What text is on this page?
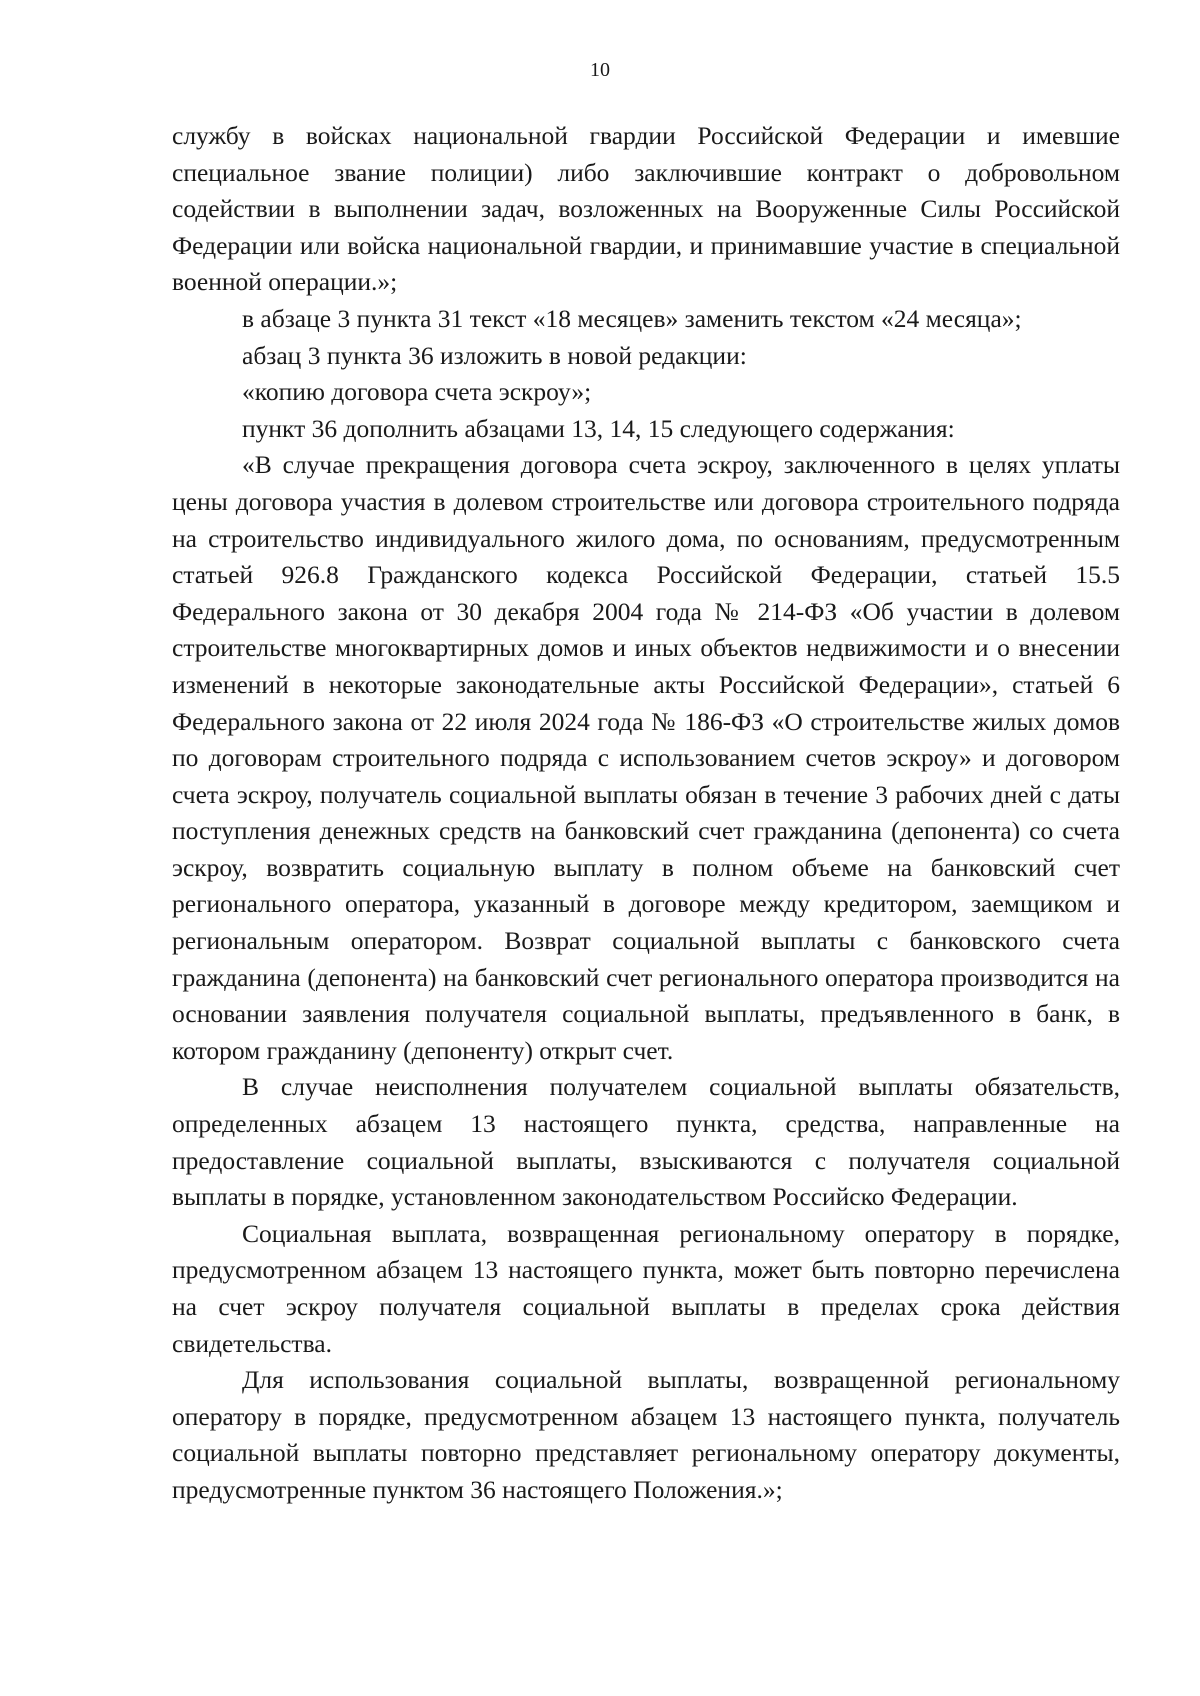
10

службу в войсках национальной гвардии Российской Федерации и имевшие специальное звание полиции) либо заключившие контракт о добровольном содействии в выполнении задач, возложенных на Вооруженные Силы Российской Федерации или войска национальной гвардии, и принимавшие участие в специальной военной операции.»;

в абзаце 3 пункта 31 текст «18 месяцев» заменить текстом «24 месяца»;

абзац 3 пункта 36 изложить в новой редакции:

«копию договора счета эскроу»;

пункт 36 дополнить абзацами 13, 14, 15 следующего содержания:

«В случае прекращения договора счета эскроу, заключенного в целях уплаты цены договора участия в долевом строительстве или договора строительного подряда на строительство индивидуального жилого дома, по основаниям, предусмотренным статьей 926.8 Гражданского кодекса Российской Федерации, статьей 15.5 Федерального закона от 30 декабря 2004 года № 214-ФЗ «Об участии в долевом строительстве многоквартирных домов и иных объектов недвижимости и о внесении изменений в некоторые законодательные акты Российской Федерации», статьей 6 Федерального закона от 22 июля 2024 года № 186-ФЗ «О строительстве жилых домов по договорам строительного подряда с использованием счетов эскроу» и договором счета эскроу, получатель социальной выплаты обязан в течение 3 рабочих дней с даты поступления денежных средств на банковский счет гражданина (депонента) со счета эскроу, возвратить социальную выплату в полном объеме на банковский счет регионального оператора, указанный в договоре между кредитором, заемщиком и региональным оператором. Возврат социальной выплаты с банковского счета гражданина (депонента) на банковский счет регионального оператора производится на основании заявления получателя социальной выплаты, предъявленного в банк, в котором гражданину (депоненту) открыт счет.

В случае неисполнения получателем социальной выплаты обязательств, определенных абзацем 13 настоящего пункта, средства, направленные на предоставление социальной выплаты, взыскиваются с получателя социальной выплаты в порядке, установленном законодательством Российско Федерации.

Социальная выплата, возвращенная региональному оператору в порядке, предусмотренном абзацем 13 настоящего пункта, может быть повторно перечислена на счет эскроу получателя социальной выплаты в пределах срока действия свидетельства.

Для использования социальной выплаты, возвращенной региональному оператору в порядке, предусмотренном абзацем 13 настоящего пункта, получатель социальной выплаты повторно представляет региональному оператору документы, предусмотренные пунктом 36 настоящего Положения.»;
